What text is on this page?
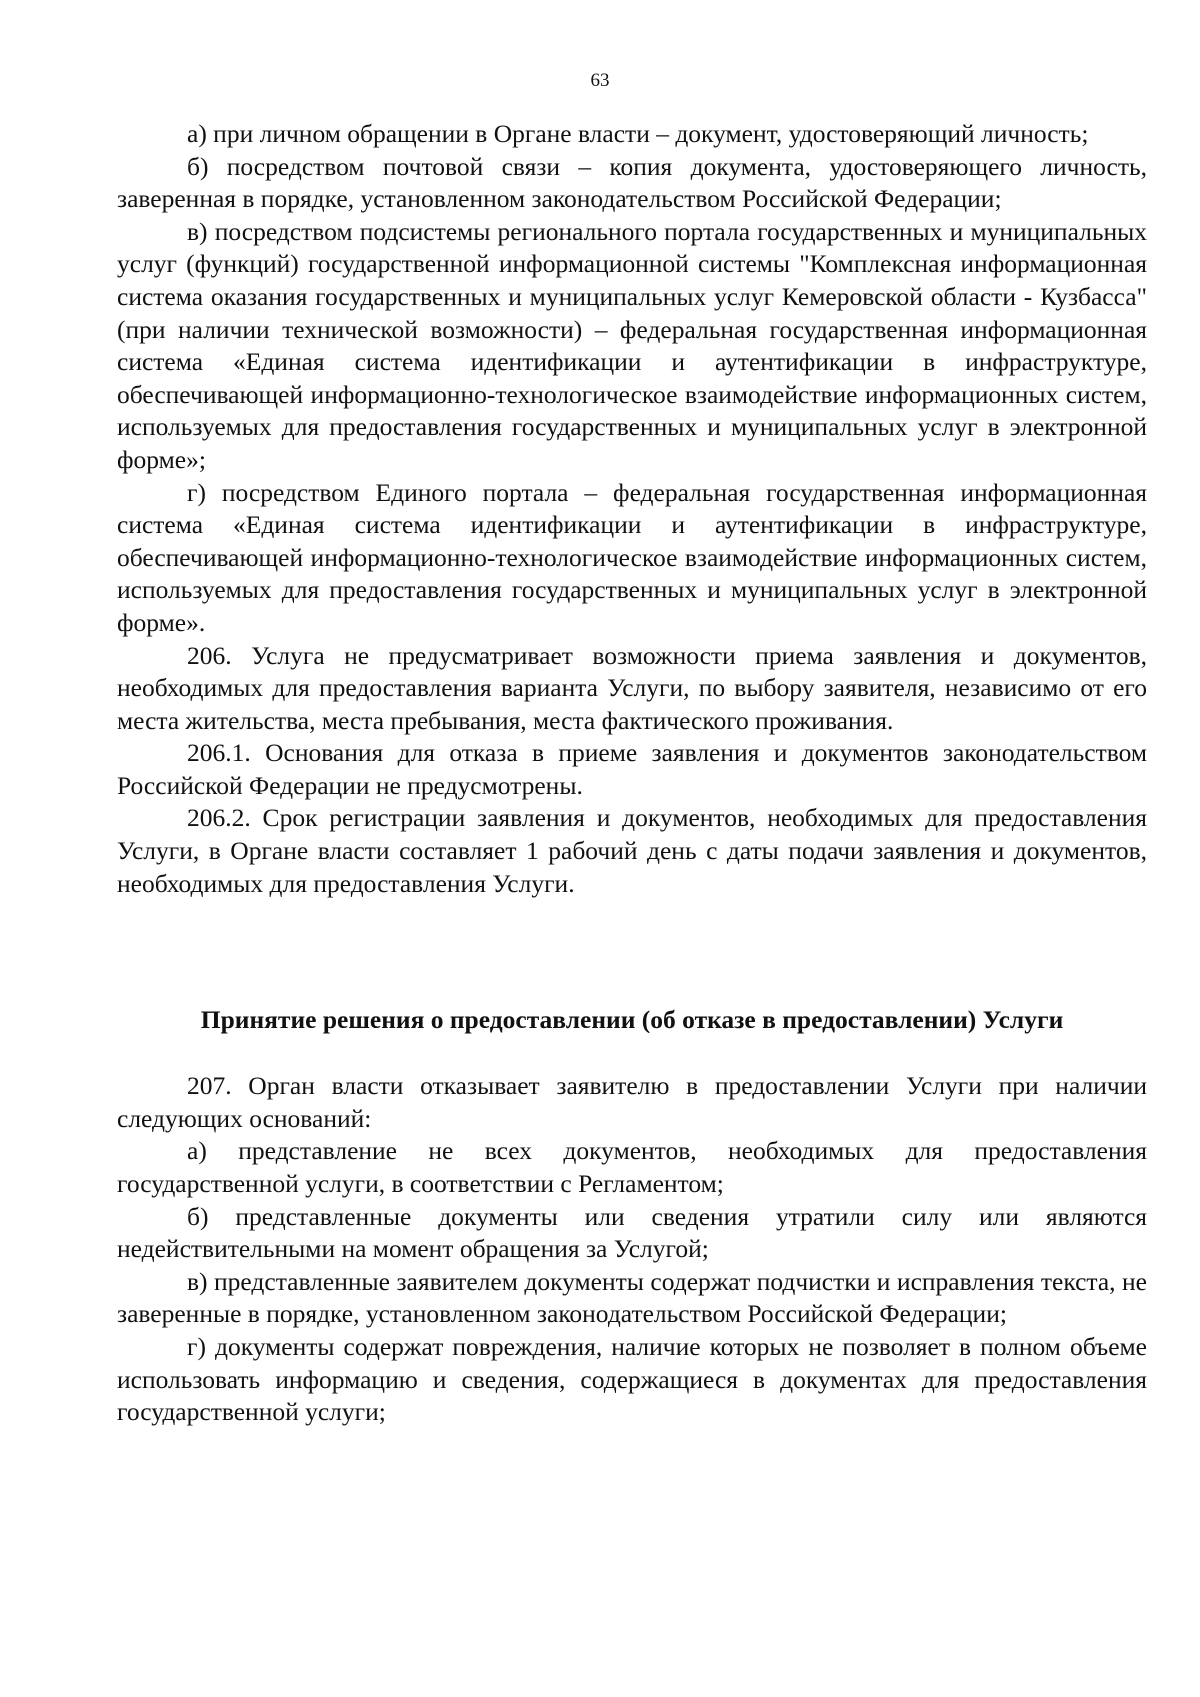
63

а) при личном обращении в Органе власти – документ, удостоверяющий личность;

б) посредством почтовой связи – копия документа, удостоверяющего личность, заверенная в порядке, установленном законодательством Российской Федерации;

в) посредством подсистемы регионального портала государственных и муниципальных услуг (функций) государственной информационной системы "Комплексная информационная система оказания государственных и муниципальных услуг Кемеровской области - Кузбасса" (при наличии технической возможности) – федеральная государственная информационная система «Единая система идентификации и аутентификации в инфраструктуре, обеспечивающей информационно-технологическое взаимодействие информационных систем, используемых для предоставления государственных и муниципальных услуг в электронной форме»;

г) посредством Единого портала – федеральная государственная информационная система «Единая система идентификации и аутентификации в инфраструктуре, обеспечивающей информационно-технологическое взаимодействие информационных систем, используемых для предоставления государственных и муниципальных услуг в электронной форме».

206. Услуга не предусматривает возможности приема заявления и документов, необходимых для предоставления варианта Услуги, по выбору заявителя, независимо от его места жительства, места пребывания, места фактического проживания.

206.1. Основания для отказа в приеме заявления и документов законодательством Российской Федерации не предусмотрены.

206.2. Срок регистрации заявления и документов, необходимых для предоставления Услуги, в Органе власти составляет 1 рабочий день с даты подачи заявления и документов, необходимых для предоставления Услуги.

Принятие решения о предоставлении (об отказе в предоставлении) Услуги

207. Орган власти отказывает заявителю в предоставлении Услуги при наличии следующих оснований:

а) представление не всех документов, необходимых для предоставления государственной услуги, в соответствии с Регламентом;

б) представленные документы или сведения утратили силу или являются недействительными на момент обращения за Услугой;

в) представленные заявителем документы содержат подчистки и исправления текста, не заверенные в порядке, установленном законодательством Российской Федерации;

г) документы содержат повреждения, наличие которых не позволяет в полном объеме использовать информацию и сведения, содержащиеся в документах для предоставления государственной услуги;
